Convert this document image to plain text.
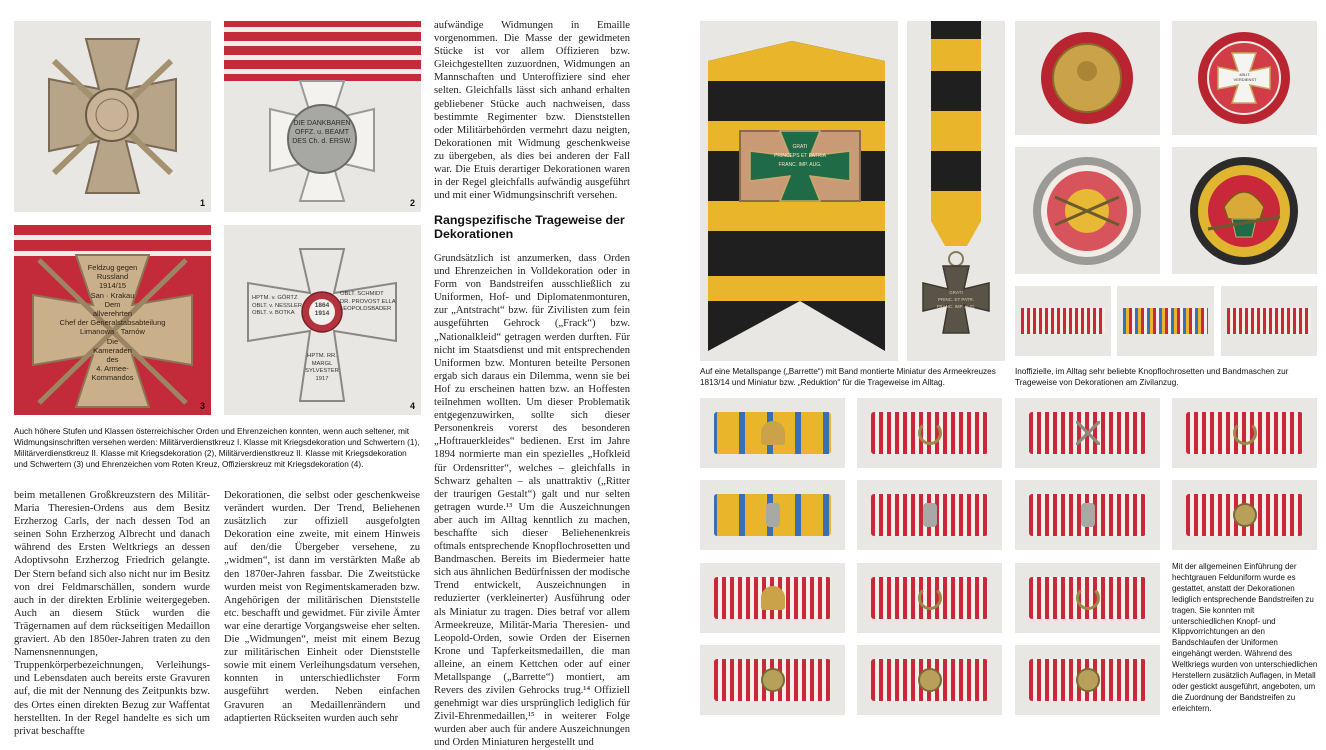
1
DIE DANKBAREN
OFFZ. u. BEAMT
DES Ch. d. ERSW.
2
Feldzug gegen
Russland
1914/15
San · Krakau
Dem
allverehrten
Chef der Generalstabsabteilung
Limanowa · Tarnów
Die
Kameraden
des
4. Armee-
Kommandos
3
HPTM. v. GÖRTZ
OBLT. v. NESSLER
OBLT. v. BOTKA
OBLT. SCHMIDT
DR. PROVOST ELLA
LEOPOLDSBADER
1864
1914
HPTM. RR.
MARGL
SYLVESTER
1917
4
Auch höhere Stufen und Klassen österreichischer Orden und Ehrenzeichen konnten, wenn auch seltener, mit Widmungsinschriften versehen werden: Militärverdienstkreuz I. Klasse mit Kriegsdekoration und Schwertern (1), Militärverdienstkreuz II. Klasse mit Kriegsdekoration (2), Militärverdienstkreuz II. Klasse mit Kriegsdekoration und Schwertern (3) und Ehrenzeichen vom Roten Kreuz, Offizierskreuz mit Kriegsdekoration (4).

beim metallenen Großkreuzstern des Militär-Maria Theresien-Ordens aus dem Besitz Erzherzog Carls, der nach dessen Tod an seinen Sohn Erzherzog Albrecht und danach während des Ersten Weltkriegs an dessen Adoptivsohn Erzherzog Friedrich gelangte. Der Stern befand sich also nicht nur im Besitz von drei Feldmarschällen, sondern wurde auch in der direkten Erblinie weitergegeben. Auch an diesem Stück wurden die Trägernamen auf dem rückseitigen Medaillon graviert. Ab den 1850er-Jahren traten zu den Namensnennungen, Truppenkörperbezeichnungen, Verleihungs- und Lebensdaten auch bereits erste Gravuren auf, die mit der Nennung des Zeitpunkts bzw. des Ortes einen direkten Bezug zur Waffentat herstellten. In der Regel handelte es sich um privat beschaffte

Dekorationen, die selbst oder geschenkweise verändert wurden. Der Trend, Beliehenen zusätzlich zur offiziell ausgefolgten Dekoration eine zweite, mit einem Hinweis auf den/die Übergeber versehene, zu „widmen“, ist dann im verstärkten Maße ab den 1870er-Jahren fassbar. Die Zweitstücke wurden meist von Regimentskameraden bzw. Angehörigen der militärischen Dienststelle etc. beschafft und gewidmet. Für zivile Ämter war eine derartige Vorgangsweise eher selten. Die „Widmungen“, meist mit einem Bezug zur militärischen Einheit oder Dienststelle sowie mit einem Verleihungsdatum versehen, konnten in unterschiedlichster Form ausgeführt werden. Neben einfachen Gravuren an Medaillenrändern und adaptierten Rückseiten wurden auch sehr

aufwändige Widmungen in Emaille vorgenommen. Die Masse der gewidmeten Stücke ist vor allem Offizieren bzw. Gleichgestellten zuzuordnen, Widmungen an Mannschaften und Unteroffiziere sind eher selten. Gleichfalls lässt sich anhand erhalten gebliebener Stücke auch nachweisen, dass bestimmte Regimenter bzw. Dienststellen oder Militärbehörden vermehrt dazu neigten, Dekorationen mit Widmung geschenkweise zu übergeben, als dies bei anderen der Fall war. Die Etuis derartiger Dekorationen waren in der Regel gleichfalls aufwändig ausgeführt und mit einer Widmungsinschrift versehen.

Rangspezifische Trageweise der Dekorationen

Grundsätzlich ist anzumerken, dass Orden und Ehrenzeichen in Volldekoration oder in Form von Bandstreifen ausschließlich zu Uniformen, Hof- und Diplomatenmonturen, zur „Antstracht“ bzw. für Zivilisten zum fein ausgeführten Gehrock („Frack“) bzw. „Nationalkleid“ getragen werden durften. Für nicht im Staatsdienst und mit entsprechenden Uniformen bzw. Monturen beteilte Personen ergab sich daraus ein Dilemma, wenn sie bei Hof zu erscheinen hatten bzw. an Hoffesten teilnehmen wollten. Um dieser Problematik entgegenzuwirken, sollte sich dieser Personenkreis vorerst des besonderen „Hoftrauerkleides“ bedienen. Erst im Jahre 1894 normierte man ein spezielles „Hofkleid für Ordensritter“, welches – gleichfalls in Schwarz gehalten – als unattraktiv („Ritter der traurigen Gestalt“) galt und nur selten getragen wurde.¹³ Um die Auszeichnungen aber auch im Alltag kenntlich zu machen, beschaffte sich dieser Beliehenenkreis oftmals entsprechende Knopflochrosetten und Bandmaschen. Bereits im Biedermeier hatte sich aus ähnlichen Bedürfnissen der modische Trend entwickelt, Auszeichnungen in reduzierter (verkleinerter) Ausführung oder als Miniatur zu tragen. Dies betraf vor allem Armeekreuze, Militär-Maria Theresien- und Leopold-Orden, sowie Orden der Eisernen Krone und Tapferkeitsmedaillen, die man alleine, an einem Kettchen oder auf einer Metallspange („Barrette“) montiert, am Revers des zivilen Gehrocks trug.¹⁴ Offiziell genehmigt war dies ursprünglich lediglich für Zivil-Ehrenmedaillen,¹⁵ in weiterer Folge wurden aber auch für andere Auszeichnungen und Orden Miniaturen hergestellt und

GRATI
PRINCEPS ET PATRIA
FRANC. IMP. AUG.
GRATI
PRINC. ET PATR.
FRANC. IMP. AUG.
Auf eine Metallspange („Barrette“) mit Band montierte Miniatur des Armeekreuzes 1813/14 und Miniatur bzw. „Reduktion“ für die Trageweise im Alltag.
MILIT.
VERDIENST
Inoffizielle, im Alltag sehr beliebte Knopflochrosetten und Bandmaschen zur Trageweise von Dekorationen am Zivilanzug.
Mit der allgemeinen Einführung der hechtgrauen Felduniform wurde es gestattet, anstatt der Dekorationen lediglich entsprechende Bandstreifen zu tragen. Sie konnten mit unterschiedlichen Knopf- und Klippvorrichtungen an den Bandschlaufen der Uniformen eingehängt werden. Während des Weltkriegs wurden von unterschiedlichen Herstellern zusätzlich Auflagen, in Metall oder gestickt ausgeführt, angeboten, um die Zuordnung der Bandstreifen zu erleichtern.
